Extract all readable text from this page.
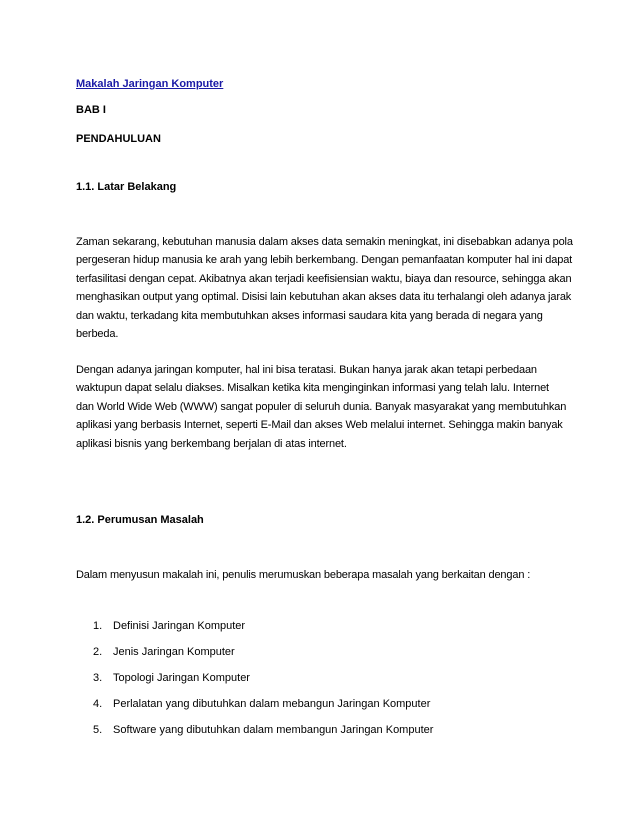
Makalah Jaringan Komputer
BAB I
PENDAHULUAN
1.1. Latar Belakang
Zaman sekarang, kebutuhan manusia dalam akses data semakin meningkat, ini disebabkan adanya pola
pergeseran hidup manusia ke arah yang lebih berkembang. Dengan pemanfaatan komputer hal ini dapat
terfasilitasi dengan cepat. Akibatnya akan terjadi keefisiensian waktu, biaya dan resource, sehingga akan
menghasikan output yang optimal. Disisi lain kebutuhan akan akses data itu terhalangi oleh adanya jarak
dan waktu, terkadang kita membutuhkan akses informasi saudara kita yang berada di negara yang
berbeda.
Dengan adanya jaringan komputer, hal ini bisa teratasi. Bukan hanya jarak akan tetapi perbedaan
waktupun dapat selalu diakses. Misalkan ketika kita menginginkan informasi yang telah lalu. Internet
dan World Wide Web (WWW) sangat populer di seluruh dunia. Banyak masyarakat yang membutuhkan
aplikasi yang berbasis Internet, seperti E-Mail dan akses Web melalui internet. Sehingga makin banyak
aplikasi bisnis yang berkembang berjalan di atas internet.
1.2. Perumusan Masalah
Dalam menyusun makalah ini, penulis merumuskan beberapa masalah yang berkaitan dengan :
1. Definisi Jaringan Komputer
2. Jenis Jaringan Komputer
3. Topologi Jaringan Komputer
4. Perlalatan yang dibutuhkan dalam mebangun Jaringan Komputer
5. Software yang dibutuhkan dalam membangun Jaringan Komputer
